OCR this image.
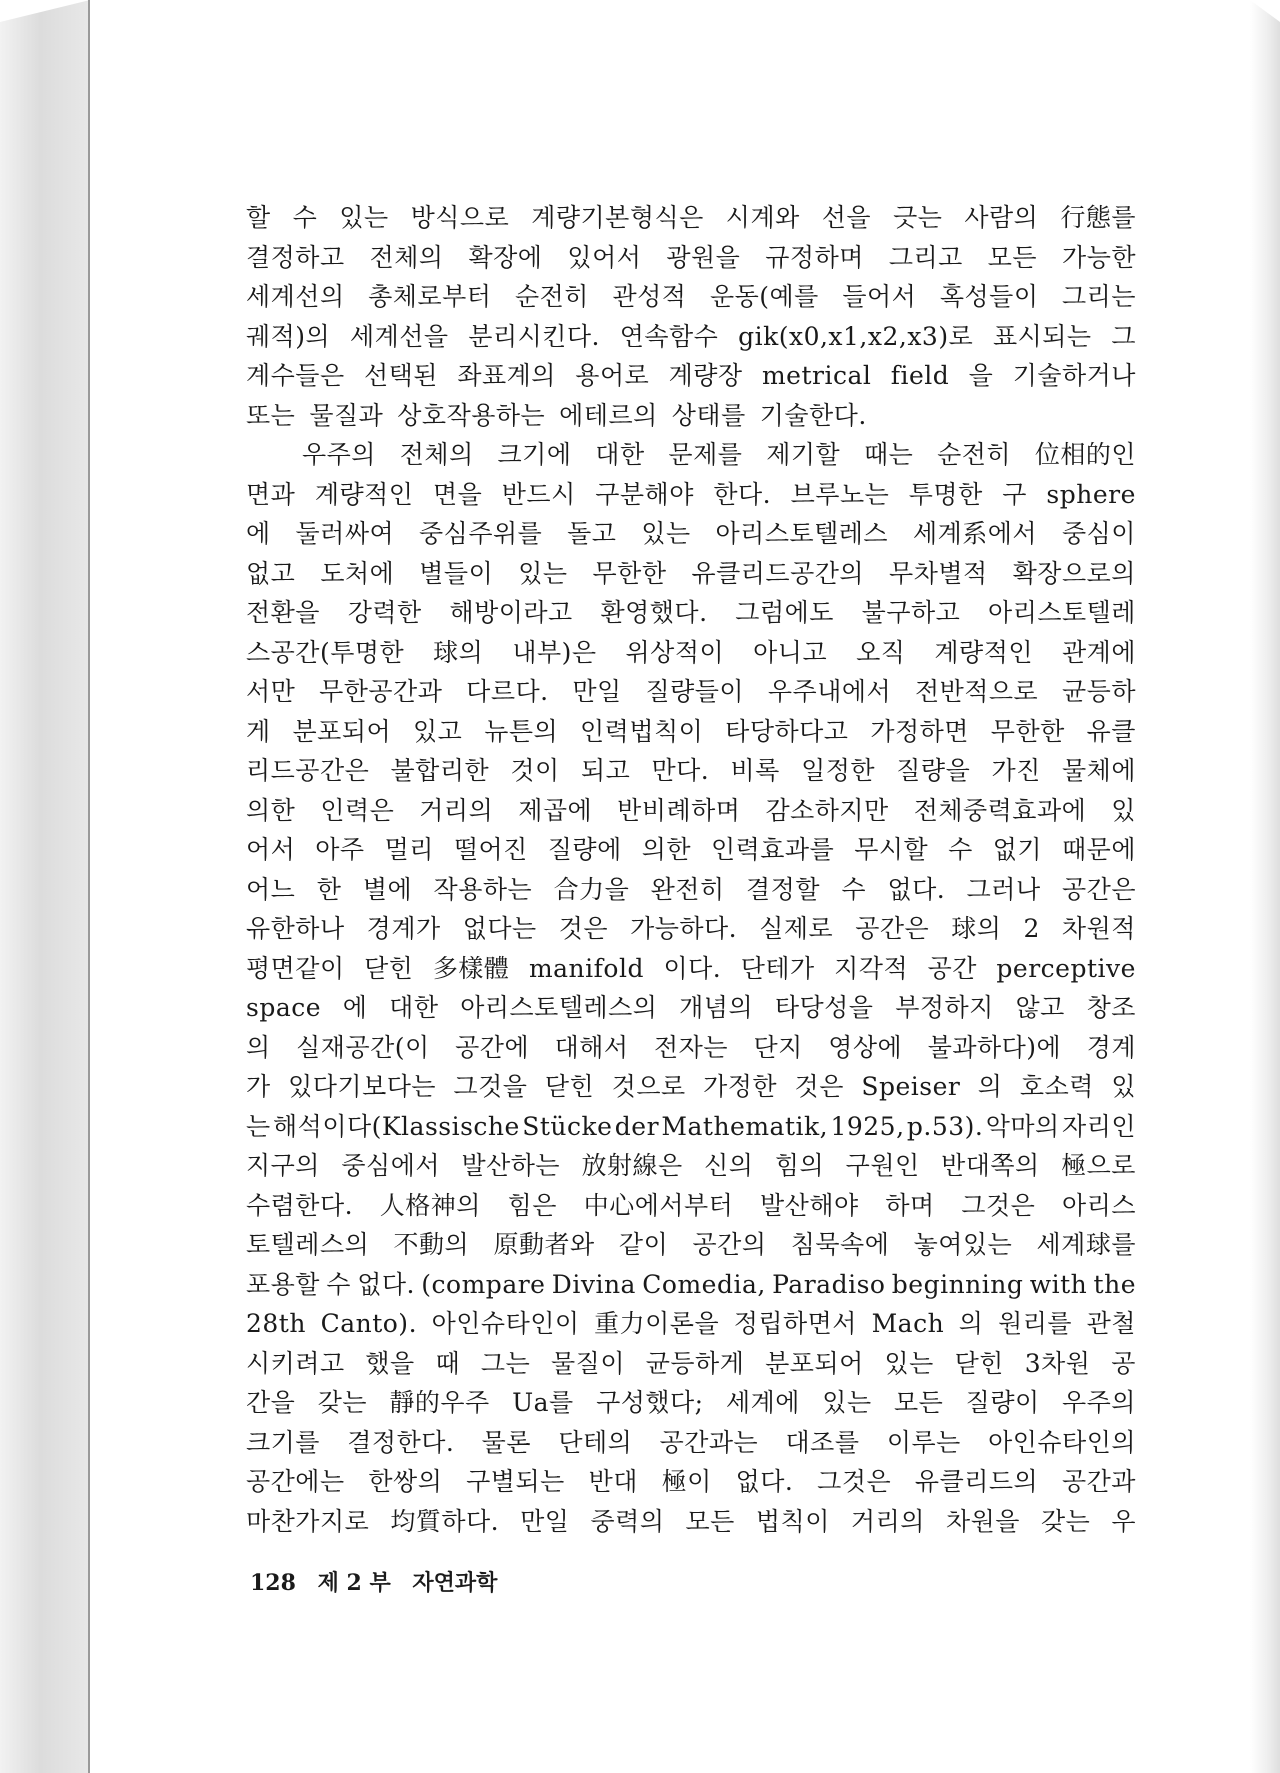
할 수 있는 방식으로 계량기본형식은 시계와 선을 긋는 사람의 行態를
결정하고 전체의 확장에 있어서 광원을 규정하며 그리고 모든 가능한
세계선의 총체로부터 순전히 관성적 운동(예를 들어서 혹성들이 그리는
궤적)의 세계선을 분리시킨다. 연속함수 gik(x0,x1,x2,x3)로 표시되는 그
계수들은 선택된 좌표계의 용어로 계량장 metrical field 을 기술하거나
또는 물질과 상호작용하는 에테르의 상태를 기술한다.
우주의 전체의 크기에 대한 문제를 제기할 때는 순전히 位相的인
면과 계량적인 면을 반드시 구분해야 한다. 브루노는 투명한 구 sphere
에 둘러싸여 중심주위를 돌고 있는 아리스토텔레스 세계系에서 중심이
없고 도처에 별들이 있는 무한한 유클리드공간의 무차별적 확장으로의
전환을 강력한 해방이라고 환영했다. 그럼에도 불구하고 아리스토텔레
스공간(투명한 球의 내부)은 위상적이 아니고 오직 계량적인 관계에
서만 무한공간과 다르다. 만일 질량들이 우주내에서 전반적으로 균등하
게 분포되어 있고 뉴튼의 인력법칙이 타당하다고 가정하면 무한한 유클
리드공간은 불합리한 것이 되고 만다. 비록 일정한 질량을 가진 물체에
의한 인력은 거리의 제곱에 반비례하며 감소하지만 전체중력효과에 있
어서 아주 멀리 떨어진 질량에 의한 인력효과를 무시할 수 없기 때문에
어느 한 별에 작용하는 合力을 완전히 결정할 수 없다. 그러나 공간은
유한하나 경계가 없다는 것은 가능하다. 실제로 공간은 球의 2 차원적
평면같이 닫힌 多樣體 manifold 이다. 단테가 지각적 공간 perceptive
space 에 대한 아리스토텔레스의 개념의 타당성을 부정하지 않고 창조
의 실재공간(이 공간에 대해서 전자는 단지 영상에 불과하다)에 경계
가 있다기보다는 그것을 닫힌 것으로 가정한 것은 Speiser 의 호소력 있
는 해석이다(Klassische Stücke der Mathematik, 1925, p.53). 악마의 자리인
지구의 중심에서 발산하는 放射線은 신의 힘의 구원인 반대쪽의 極으로
수렴한다. 人格神의 힘은 中心에서부터 발산해야 하며 그것은 아리스
토텔레스의 不動의 原動者와 같이 공간의 침묵속에 놓여있는 세계球를
포용할 수 없다. (compare Divina Comedia, Paradiso beginning with the
28th Canto). 아인슈타인이 重力이론을 정립하면서 Mach 의 원리를 관철
시키려고 했을 때 그는 물질이 균등하게 분포되어 있는 닫힌 3차원 공
간을 갖는 靜的우주 Ua를 구성했다; 세계에 있는 모든 질량이 우주의
크기를 결정한다. 물론 단테의 공간과는 대조를 이루는 아인슈타인의
공간에는 한쌍의 구별되는 반대 極이 없다. 그것은 유클리드의 공간과
마찬가지로 均質하다. 만일 중력의 모든 법칙이 거리의 차원을 갖는 우
128 제 2 부 자연과학
